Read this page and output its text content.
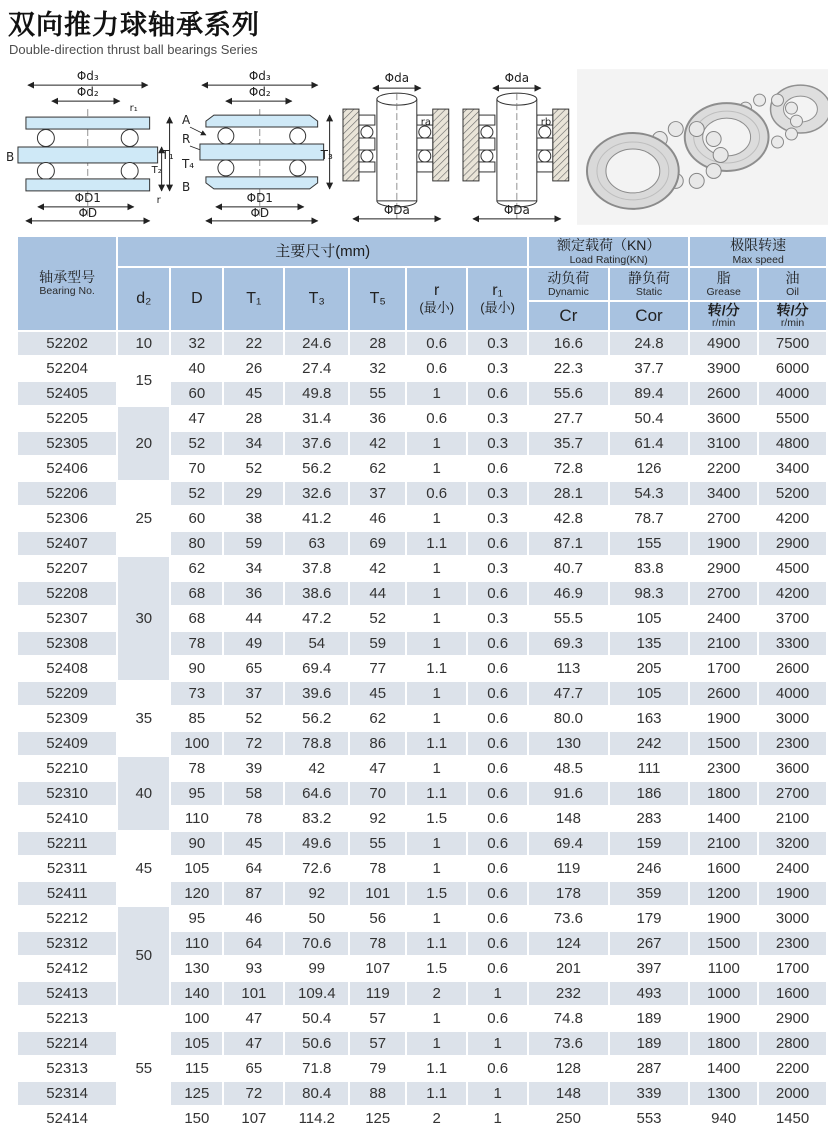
双向推力球轴承系列
Double-direction thrust ball bearings Series
Φd₃
Φd₂
r₁
B
T₂
T₁
ΦD1
ΦD
r
Φd₃
Φd₂
A
R
T₄
B
T₃
ΦD1
ΦD
Φda
ra
ΦDa
Φda
rb
ΦDa
轴承型号
Bearing No.

主要尺寸(mm)	额定载荷（KN）
Load Rating(KN)

极限转速
Max speed

d₂	D	T₁	T₃	T₅	r
(最小)

r₁
(最小)

动负荷
Dynamic

静负荷
Static

脂
Grease

油
Oil

Cr	Cor	转/分
r/min

转/分
r/min

52202	10	32	22	24.6	28	0.6	0.3	16.6	24.8	4900	7500
52204	15	40	26	27.4	32	0.6	0.3	22.3	37.7	3900	6000
52405		60	45	49.8	55	1	0.6	55.6	89.4	2600	4000
52205	20	47	28	31.4	36	0.6	0.3	27.7	50.4	3600	5500
52305		52	34	37.6	42	1	0.3	35.7	61.4	3100	4800
52406		70	52	56.2	62	1	0.6	72.8	126	2200	3400
52206	25	52	29	32.6	37	0.6	0.3	28.1	54.3	3400	5200
52306		60	38	41.2	46	1	0.3	42.8	78.7	2700	4200
52407		80	59	63	69	1.1	0.6	87.1	155	1900	2900
52207	30	62	34	37.8	42	1	0.3	40.7	83.8	2900	4500
52208		68	36	38.6	44	1	0.6	46.9	98.3	2700	4200
52307		68	44	47.2	52	1	0.3	55.5	105	2400	3700
52308		78	49	54	59	1	0.6	69.3	135	2100	3300
52408		90	65	69.4	77	1.1	0.6	113	205	1700	2600
52209	35	73	37	39.6	45	1	0.6	47.7	105	2600	4000
52309		85	52	56.2	62	1	0.6	80.0	163	1900	3000
52409		100	72	78.8	86	1.1	0.6	130	242	1500	2300
52210	40	78	39	42	47	1	0.6	48.5	111	2300	3600
52310		95	58	64.6	70	1.1	0.6	91.6	186	1800	2700
52410		110	78	83.2	92	1.5	0.6	148	283	1400	2100
52211	45	90	45	49.6	55	1	0.6	69.4	159	2100	3200
52311		105	64	72.6	78	1	0.6	119	246	1600	2400
52411		120	87	92	101	1.5	0.6	178	359	1200	1900
52212	50	95	46	50	56	1	0.6	73.6	179	1900	3000
52312		110	64	70.6	78	1.1	0.6	124	267	1500	2300
52412		130	93	99	107	1.5	0.6	201	397	1100	1700
52413		140	101	109.4	119	2	1	232	493	1000	1600
52213	55	100	47	50.4	57	1	0.6	74.8	189	1900	2900
52214		105	47	50.6	57	1	1	73.6	189	1800	2800
52313		115	65	71.8	79	1.1	0.6	128	287	1400	2200
52314		125	72	80.4	88	1.1	1	148	339	1300	2000
52414		150	107	114.2	125	2	1	250	553	940	1450
